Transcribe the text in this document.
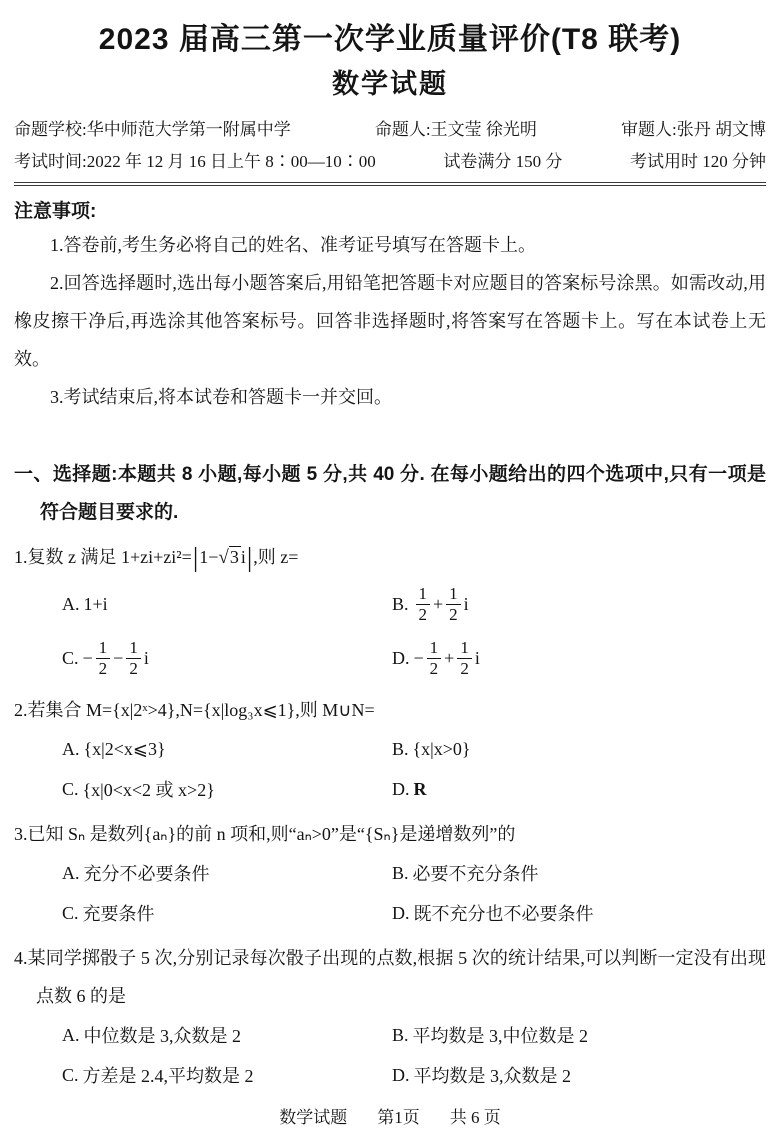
2023 届高三第一次学业质量评价(T8 联考)
数学试题
命题学校:华中师范大学第一附属中学	命题人:王文莹 徐光明	审题人:张丹 胡文博
考试时间:2022 年 12 月 16 日上午 8∶00—10∶00	试卷满分 150 分	考试用时 120 分钟
注意事项:

1.答卷前,考生务必将自己的姓名、准考证号填写在答题卡上。

2.回答选择题时,选出每小题答案后,用铅笔把答题卡对应题目的答案标号涂黑。如需改动,用橡皮擦干净后,再选涂其他答案标号。回答非选择题时,将答案写在答题卡上。写在本试卷上无效。

3.考试结束后,将本试卷和答题卡一并交回。

一、选择题:本题共 8 小题,每小题 5 分,共 40 分. 在每小题给出的四个选项中,只有一项是符合题目要求的.

1.复数 z 满足 1+zi+zi²=|1−√3 i|,则 z=

A. 1+i	B. $\frac{1}{2} + \frac{1}{2}$ i
C. − $\frac{1}{2} - \frac{1}{2}$ i	D. − $\frac{1}{2} + \frac{1}{2}$ i

2.若集合 M={x|2ˣ>4},N={x|log₃x⩽1},则 M∪N=

A. {x|2<x⩽3}	B. {x|x>0}
C. {x|0<x<2 或 x>2}	D. R

3.已知 Sₙ 是数列{aₙ}的前 n 项和,则“aₙ>0”是“{Sₙ}是递增数列”的

A. 充分不必要条件	B. 必要不充分条件
C. 充要条件	D. 既不充分也不必要条件

4.某同学掷骰子 5 次,分别记录每次骰子出现的点数,根据 5 次的统计结果,可以判断一定没有出现点数 6 的是

A. 中位数是 3,众数是 2	B. 平均数是 3,中位数是 2
C. 方差是 2.4,平均数是 2	D. 平均数是 3,众数是 2
数学试题 第1页 共 6 页
